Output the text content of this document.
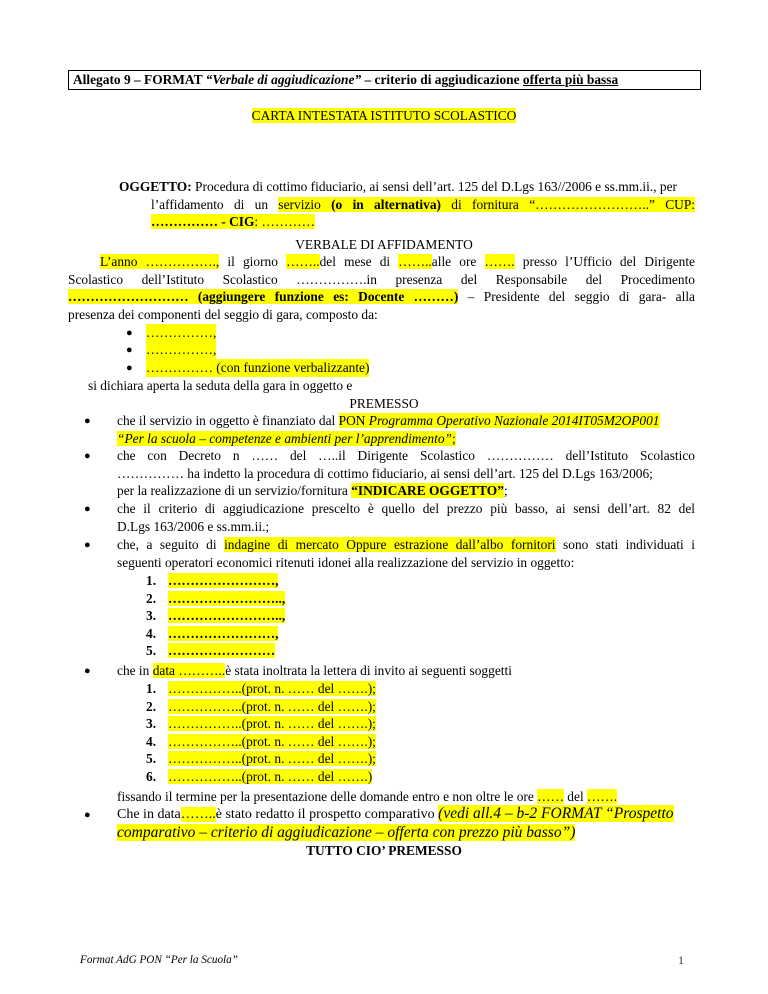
Allegato 9 – FORMAT “Verbale di aggiudicazione” – criterio di aggiudicazione offerta più bassa
CARTA INTESTATA ISTITUTO SCOLASTICO
OGGETTO: Procedura di cottimo fiduciario, ai sensi dell’art. 125 del D.Lgs 163//2006 e ss.mm.ii., per
l’affidamento di un servizio (o in alternativa) di fornitura “……………………..” CUP:
…………… - CIG: …………
VERBALE DI AFFIDAMENTO
L’anno ……………., il giorno ……..del mese di ……..alle ore ……. presso l’Ufficio del Dirigente
Scolastico dell’Istituto Scolastico …………….in presenza del Responsabile del Procedimento
……………………… (aggiungere funzione es: Docente ………) – Presidente del seggio di gara- alla
presenza dei componenti del seggio di gara, composto da:
● ……………,
● ……………,
● …………… (con funzione verbalizzante)
si dichiara aperta la seduta della gara in oggetto e
PREMESSO
● che il servizio in oggetto è finanziato dal PON Programma Operativo Nazionale 2014IT05M2OP001
“Per la scuola – competenze e ambienti per l’apprendimento”;
● che con Decreto n …… del …..il Dirigente Scolastico …………… dell’Istituto Scolastico
…………… ha indetto la procedura di cottimo fiduciario, ai sensi dell’art. 125 del D.Lgs 163/2006;
per la realizzazione di un servizio/fornitura “INDICARE OGGETTO”;
● che il criterio di aggiudicazione prescelto è quello del prezzo più basso, ai sensi dell’art. 82 del
D.Lgs 163/2006 e ss.mm.ii.;
● che, a seguito di indagine di mercato Oppure estrazione dall’albo fornitori sono stati individuati i
seguenti operatori economici ritenuti idonei alla realizzazione del servizio in oggetto:
1. ……………………,
2. ……………………..,
3. ……………………..,
4. ……………………,
5. ……………………
● che in data ………..è stata inoltrata la lettera di invito ai seguenti soggetti
1. ……………..(prot. n. …… del …….);
2. ……………..(prot. n. …… del …….);
3. ……………..(prot. n. …… del …….);
4. ……………..(prot. n. …… del …….);
5. ……………..(prot. n. …… del …….);
6. ……………..(prot. n. …… del …….)
fissando il termine per la presentazione delle domande entro e non oltre le ore …… del …….
● Che in data……..è stato redatto il prospetto comparativo (vedi all.4 – b-2 FORMAT “Prospetto
comparativo – criterio di aggiudicazione – offerta con prezzo più basso”)
TUTTO CIO’ PREMESSO
Format AdG PON “Per la Scuola”	1
